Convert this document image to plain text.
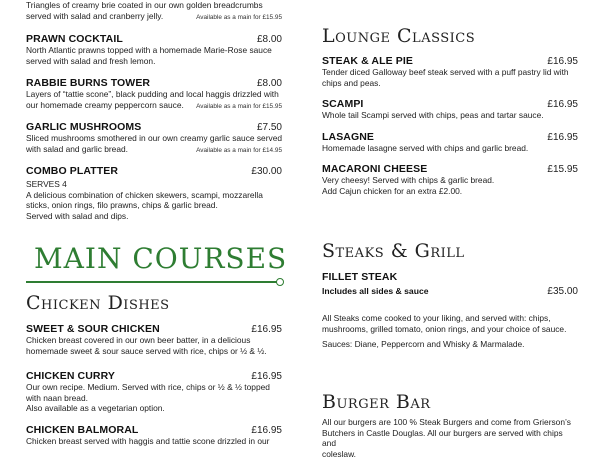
Triangles of creamy brie coated in our own golden breadcrumbs
served with salad and cranberry jelly.	Available as a main for £15.95
PRAWN COCKTAIL	£8.00
North Atlantic prawns topped with a homemade Marie-Rose sauce
served with salad and fresh lemon.
RABBIE BURNS TOWER	£8.00
Layers of “tattie scone”, black pudding and local haggis drizzled with
our homemade creamy peppercorn sauce. Available as a main for £15.95
GARLIC MUSHROOMS	£7.50
Sliced mushrooms smothered in our own creamy garlic sauce served
with salad and garlic bread.	Available as a main for £14.95
COMBO PLATTER	£30.00
SERVES 4
A delicious combination of chicken skewers, scampi, mozzarella
sticks, onion rings, filo prawns, chips & garlic bread.
Served with salad and dips.
Chicken Dishes
SWEET & SOUR CHICKEN	£16.95
Chicken breast covered in our own beer batter, in a delicious
homemade sweet & sour sauce served with rice, chips or ½ & ½.
CHICKEN CURRY	£16.95
Our own recipe. Medium. Served with rice, chips or ½ & ½ topped
with naan bread.
Also available as a vegetarian option.
CHICKEN BALMORAL	£16.95
Chicken breast served with haggis and tattie scone drizzled in our
MAIN COURSES
Lounge Classics
STEAK & ALE PIE	£16.95
Tender diced Galloway beef steak served with a puff pastry lid with
chips and peas.
SCAMPI	£16.95
Whole tail Scampi served with chips, peas and tartar sauce.
LASAGNE	£16.95
Homemade lasagne served with chips and garlic bread.
MACARONI CHEESE	£15.95
Very cheesy! Served with chips & garlic bread.
Add Cajun chicken for an extra £2.00.
Steaks & Grill
FILLET STEAK
Includes all sides & sauce	£35.00
All Steaks come cooked to your liking, and served with: chips,
mushrooms, grilled tomato, onion rings, and your choice of sauce.
Sauces: Diane, Peppercorn and Whisky & Marmalade.
Burger Bar
All our burgers are 100 % Steak Burgers and come from Grierson’s
Butchers in Castle Douglas. All our burgers are served with chips and
coleslaw.
